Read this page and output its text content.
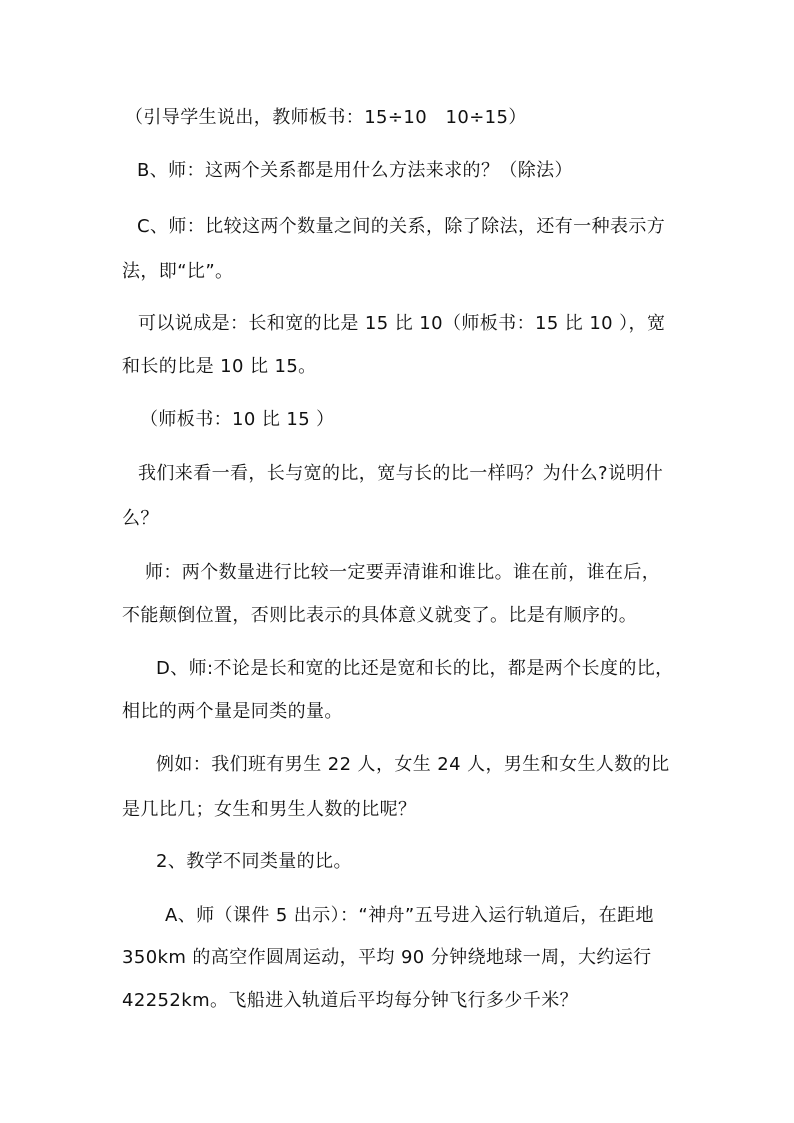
（引导学生说出，教师板书：15÷10　10÷15）
B、师：这两个关系都是用什么方法来求的？（除法）
C、师：比较这两个数量之间的关系，除了除法，还有一种表示方
法，即“比”。
可以说成是：长和宽的比是 15 比 10（师板书：15 比 10 ），宽
和长的比是 10 比 15。
（师板书：10 比 15 ）
我们来看一看，长与宽的比，宽与长的比一样吗？为什么?说明什
么？
师：两个数量进行比较一定要弄清谁和谁比。谁在前，谁在后，
不能颠倒位置，否则比表示的具体意义就变了。比是有顺序的。
D、师:不论是长和宽的比还是宽和长的比，都是两个长度的比，
相比的两个量是同类的量。
例如：我们班有男生 22 人，女生 24 人，男生和女生人数的比
是几比几；女生和男生人数的比呢？
2、教学不同类量的比。
A、师（课件 5 出示）：“神舟”五号进入运行轨道后，在距地
350km 的高空作圆周运动，平均 90 分钟绕地球一周，大约运行
42252km。飞船进入轨道后平均每分钟飞行多少千米？
